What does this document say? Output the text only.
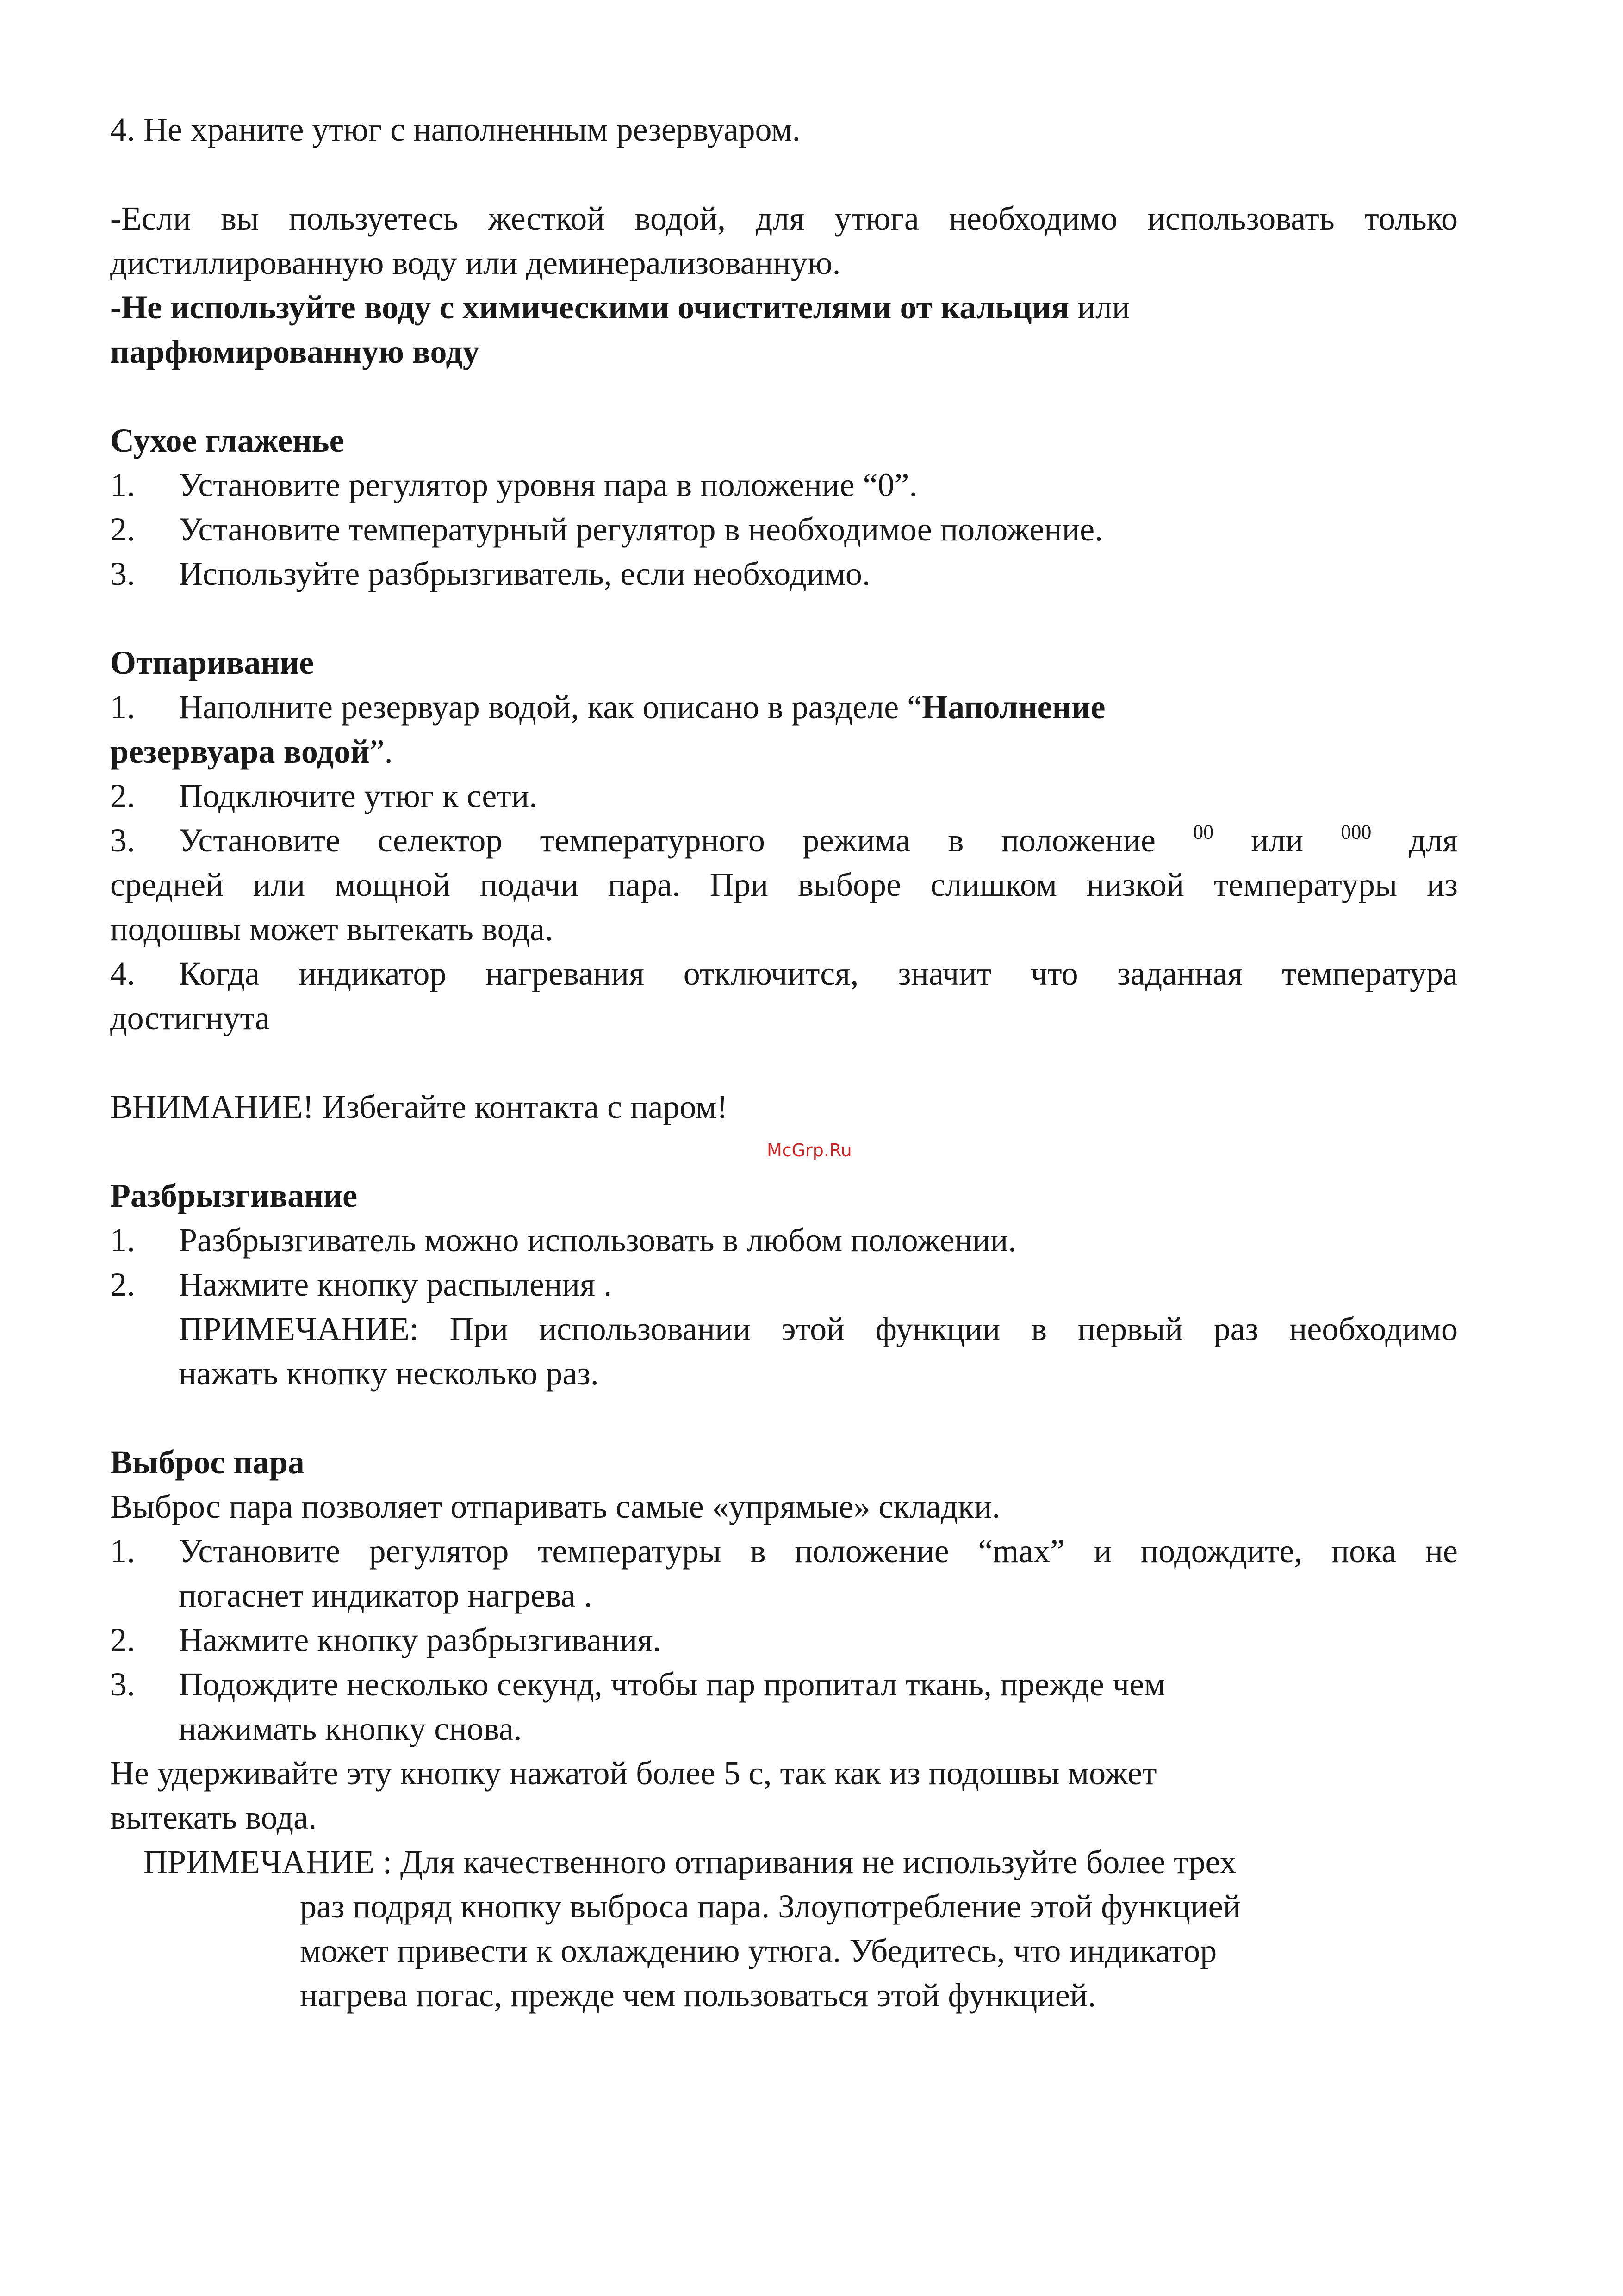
4. Не храните утюг с наполненным резервуаром.
-Если вы пользуетесь жесткой водой, для утюга необходимо использовать только
дистиллированную воду или деминерализованную.
-Не используйте воду с химическими очистителями от кальция или
парфюмированную воду
Сухое глаженье
1. Установите регулятор уровня пара в положение “0”.
2. Установите температурный регулятор в необходимое положение.
3. Используйте разбрызгиватель, если необходимо.
Отпаривание
1. Наполните резервуар водой, как описано в разделе “Наполнение
резервуара водой”.
2. Подключите утюг к сети.
3. Установите селектор температурного режима в положение $^{00}$ или $^{000}$ для
средней или мощной подачи пара. При выборе слишком низкой температуры из
подошвы может вытекать вода.
4. Когда индикатор нагревания отключится, значит что заданная температура
достигнута
ВНИМАНИЕ! Избегайте контакта с паром!
McGrp.Ru
Разбрызгивание
1. Разбрызгиватель можно использовать в любом положении.
2. Нажмите кнопку распыления .
ПРИМЕЧАНИЕ: При использовании этой функции в первый раз необходимо
нажать кнопку несколько раз.
Выброс пара
Выброс пара позволяет отпаривать самые «упрямые» складки.
1. Установите регулятор температуры в положение “max” и подождите, пока не
погаснет индикатор нагрева .
2. Нажмите кнопку разбрызгивания.
3. Подождите несколько секунд, чтобы пар пропитал ткань, прежде чем
нажимать кнопку снова.
Не удерживайте эту кнопку нажатой более 5 с, так как из подошвы может
вытекать вода.
ПРИМЕЧАНИЕ : Для качественного отпаривания не используйте более трех
раз подряд кнопку выброса пара. Злоупотребление этой функцией
может привести к охлаждению утюга. Убедитесь, что индикатор
нагрева погас, прежде чем пользоваться этой функцией.
